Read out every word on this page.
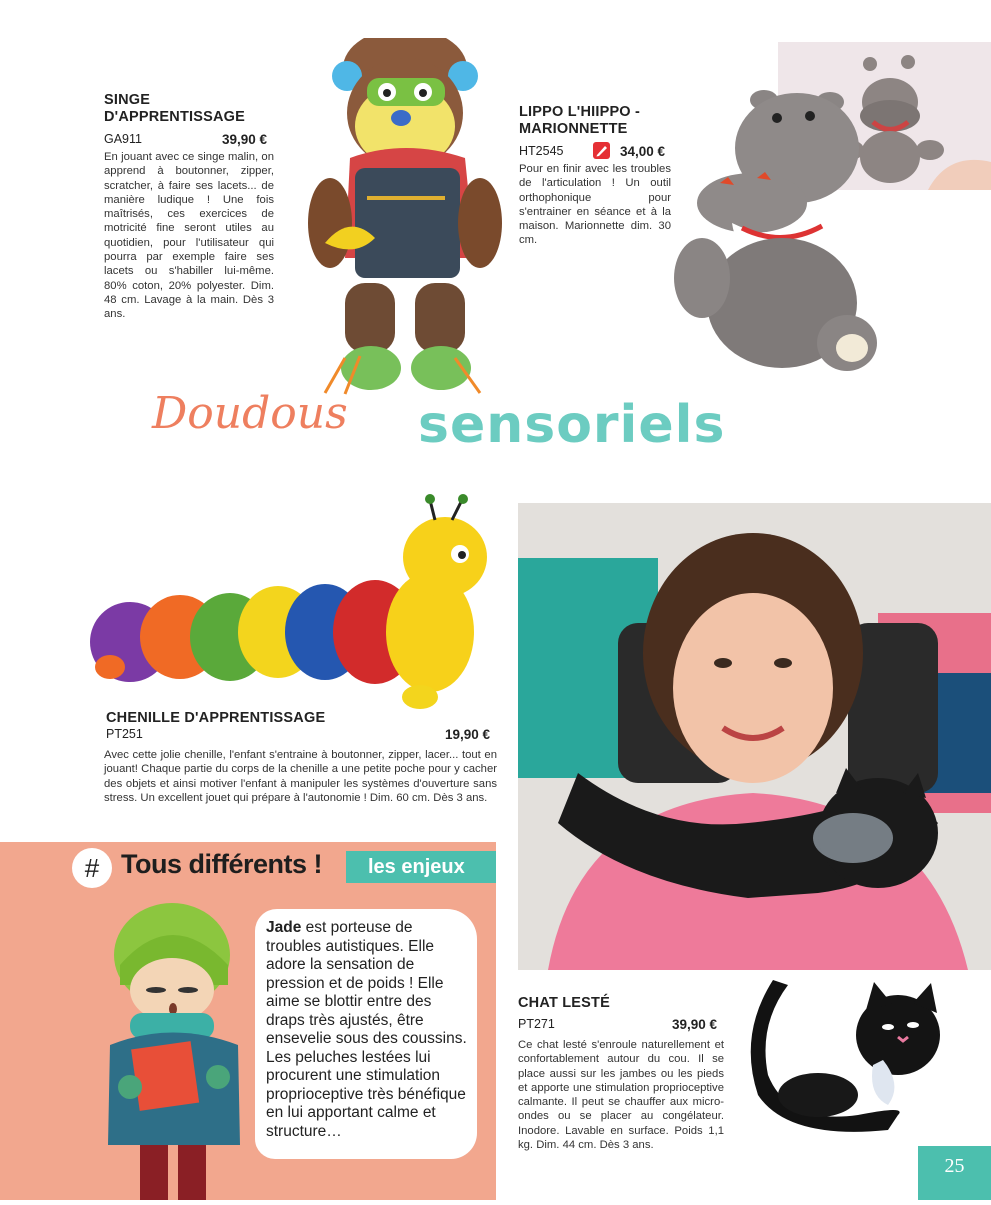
SINGE
D'APPRENTISSAGE
GA911	39,90 €
En jouant avec ce singe malin, on apprend à boutonner, zipper, scratcher, à faire ses lacets... de manière ludique ! Une fois maîtrisés, ces exercices de motricité fine seront utiles au quotidien, pour l'utilisateur qui pourra par exemple faire ses lacets ou s'habiller lui-même. 80% coton, 20% polyester. Dim. 48 cm. Lavage à la main. Dès 3 ans.
LIPPO L'HIIPPO -
MARIONNETTE
HT2545	34,00 €
Pour en finir avec les troubles de l'articulation ! Un outil orthophonique pour s'entrainer en séance et à la maison. Marionnette dim. 30 cm.
Doudous sensoriels
CHENILLE D'APPRENTISSAGE
PT251	19,90 €
Avec cette jolie chenille, l'enfant s'entraine à boutonner, zipper, lacer... tout en jouant! Chaque partie du corps de la chenille a une petite poche pour y cacher des objets et ainsi motiver l'enfant à manipuler les systèmes d'ouverture sans stress. Un excellent jouet qui prépare à l'autonomie ! Dim. 60 cm. Dès 3 ans.
# Tous différents !	les enjeux
Jade est porteuse de troubles autistiques. Elle adore la sensation de pression et de poids ! Elle aime se blottir entre des draps très ajustés, être ensevelie sous des coussins. Les peluches lestées lui procurent une stimulation proprioceptive très bénéfique en lui apportant calme et structure…
CHAT LESTÉ
PT271	39,90 €
Ce chat lesté s'enroule naturellement et confortablement autour du cou. Il se place aussi sur les jambes ou les pieds et apporte une stimulation proprioceptive calmante. Il peut se chauffer aux micro-ondes ou se placer au congélateur. Inodore. Lavable en surface. Poids 1,1 kg. Dim. 44 cm. Dès 3 ans.
25
